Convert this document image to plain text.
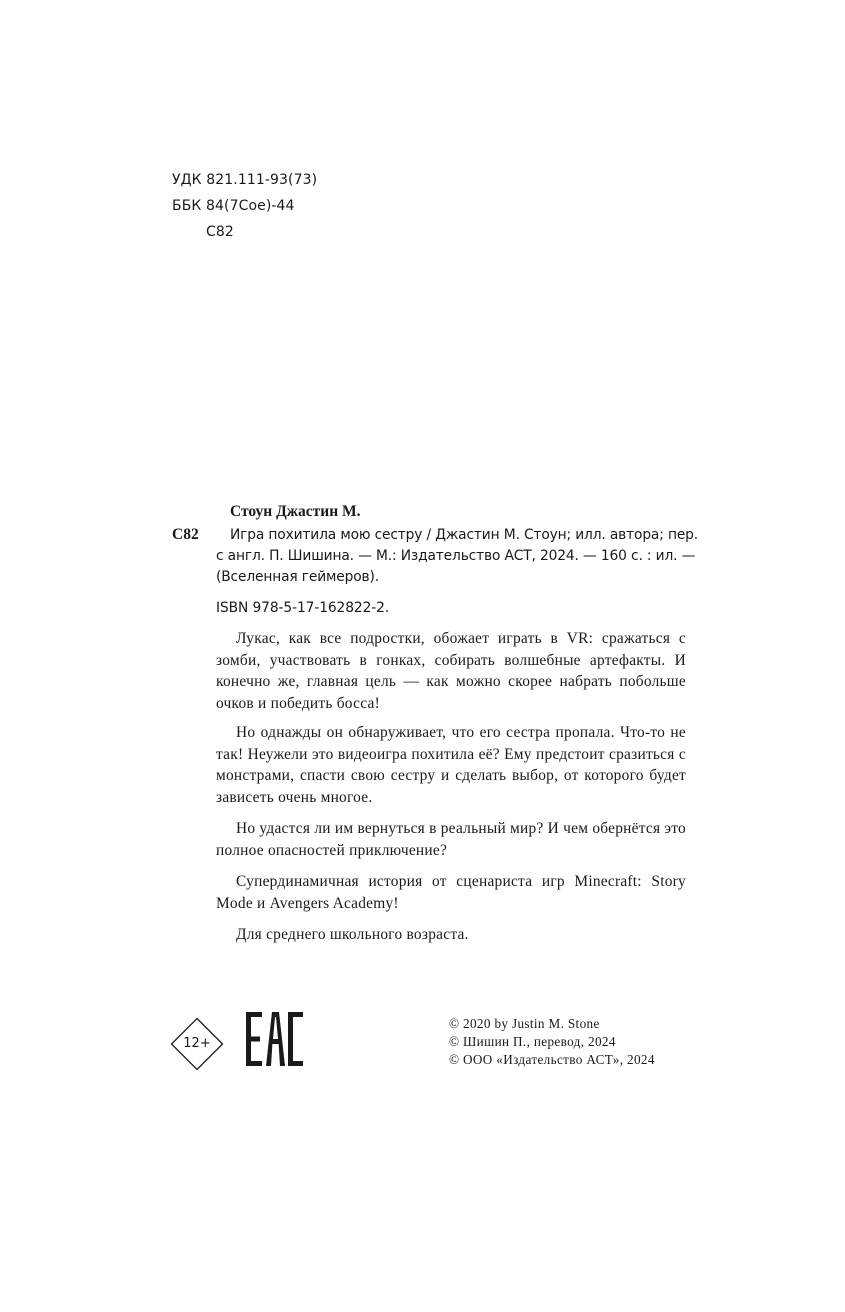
УДК 821.111-93(73)
ББК 84(7Сое)-44
С82
Стоун Джастин М.
С82 Игра похитила мою сестру / Джастин М. Стоун; илл. автора; пер.
с англ. П. Шишина. — М.: Издательство АСТ, 2024. — 160 с. : ил. —
(Вселенная геймеров).
ISBN 978-5-17-162822-2.

Лукас, как все подростки, обожает играть в VR: сражаться с зомби, участвовать в гонках, собирать волшебные артефакты. И конечно же, главная цель — как можно скорее набрать побольше очков и победить босса!

Но однажды он обнаруживает, что его сестра пропала. Что-то не так! Неужели это видеоигра похитила её? Ему предстоит сразиться с монстрами, спасти свою сестру и сделать выбор, от которого будет зависеть очень многое.

Но удастся ли им вернуться в реальный мир? И чем обернётся это полное опасностей приключение?

Супердинамичная история от сценариста игр Minecraft: Story Mode и Avengers Academy!

Для среднего школьного возраста.

12+
© 2020 by Justin M. Stone
© Шишин П., перевод, 2024
© ООО «Издательство АСТ», 2024
